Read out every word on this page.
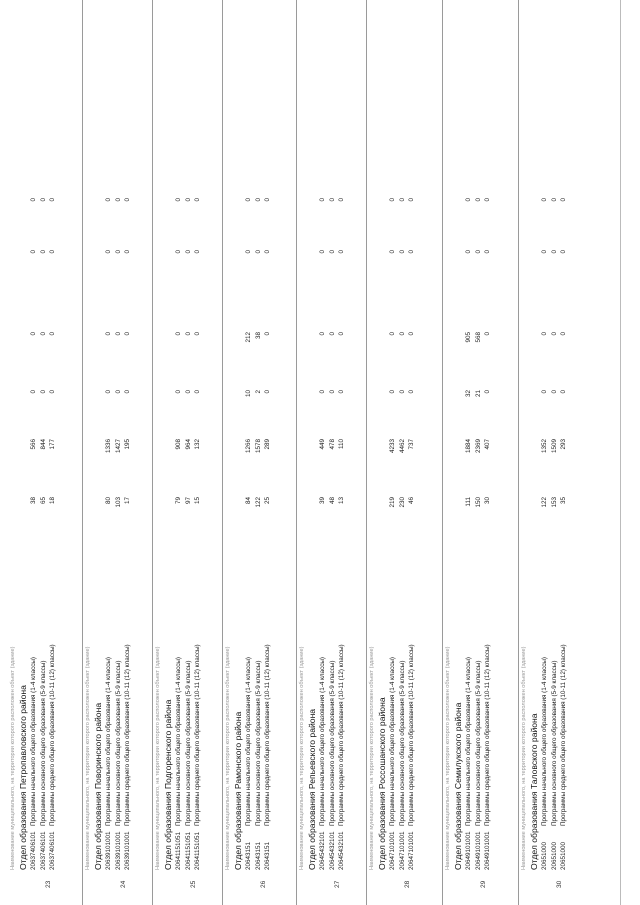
23
Наименование муниципального, на территории которого расположен объект (здание) Отдел образования Петропавловского района 20637406101
Программы начального общего образования (1-4 классы)
38
566
0
0
0
0
20637406101
Программы основного общего образования (5-9 классы)
65
844
0
0
0
0
20637406101
Программы среднего общего образования (10-11 (12) классы)
18
177
0
0
0
0
24
Наименование муниципального, на территории которого расположен объект (здание) Отдел образования Поворинского района 20639101001
Программы начального общего образования (1-4 классы)
80
1336
0
0
0
0
20639101001
Программы основного общего образования (5-9 классы)
103
1427
0
0
0
0
20639101001
Программы среднего общего образования (10-11 (12) классы)
17
195
0
0
0
0
25
Наименование муниципального, на территории которого расположен объект (здание) Отдел образования Подгоренского района 20641151051
Программы начального общего образования (1-4 классы)
79
908
0
0
0
0
20641151051
Программы основного общего образования (5-9 классы)
97
964
0
0
0
0
20641151051
Программы среднего общего образования (10-11 (12) классы)
15
132
0
0
0
0
26
Наименование муниципального, на территории которого расположен объект (здание) Отдел образования Рамонского района 20643151
Программы начального общего образования (1-4 классы)
84
1266
10
212
0
0
20643151
Программы основного общего образования (5-9 классы)
122
1578
2
38
0
0
20643151
Программы среднего общего образования (10-11 (12) классы)
25
289
0
0
0
0
27
Наименование муниципального, на территории которого расположен объект (здание) Отдел образования Репьевского района 20645432101
Программы начального общего образования (1-4 классы)
39
449
0
0
0
0
20645432101
Программы основного общего образования (5-9 классы)
48
478
0
0
0
0
20645432101
Программы среднего общего образования (10-11 (12) классы)
13
110
0
0
0
0
28
Наименование муниципального, на территории которого расположен объект (здание) Отдел образования Россошанского района 20647101001
Программы начального общего образования (1-4 классы)
219
4233
0
0
0
0
20647101001
Программы основного общего образования (5-9 классы)
230
4462
0
0
0
0
20647101001
Программы среднего общего образования (10-11 (12) классы)
46
737
0
0
0
0
29
Наименование муниципального, на территории которого расположен объект (здание) Отдел образования Семилукского района 20649101001
Программы начального общего образования (1-4 классы)
111
1884
32
905
0
0
20649101001
Программы основного общего образования (5-9 классы)
150
2369
21
568
0
0
20649101001
Программы среднего общего образования (10-11 (12) классы)
30
407
0
0
0
0
30
Наименование муниципального, на территории которого расположен объект (здание) Отдел образования Таловского района 20651000
Программы начального общего образования (1-4 классы)
122
1352
0
0
0
0
20651000
Программы основного общего образования (5-9 классы)
153
1509
0
0
0
0
20651000
Программы среднего общего образования (10-11 (12) классы)
35
293
0
0
0
0
